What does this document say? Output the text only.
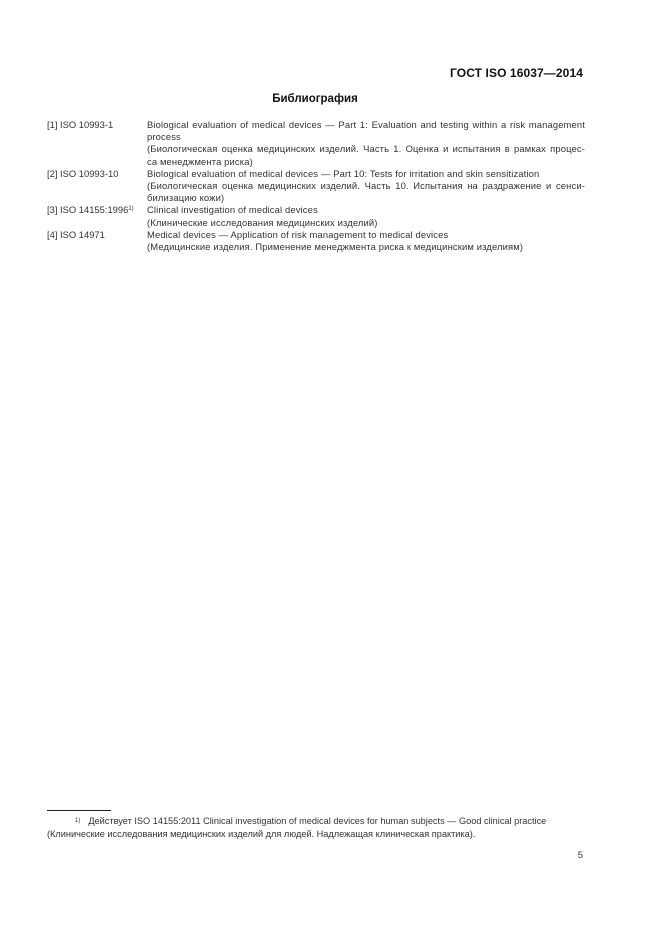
ГОСТ ISO 16037—2014
Библиография
[1] ISO 10993-1	Biological evaluation of medical devices — Part 1: Evaluation and testing within a risk management
process
(Биологическая оценка медицинских изделий. Часть 1. Оценка и испытания в рамках процес-
са менеджмента риска)
[2] ISO 10993-10	Biological evaluation of medical devices — Part 10: Tests for irritation and skin sensitization
(Биологическая оценка медицинских изделий. Часть 10. Испытания на раздражение и сенси-
билизацию кожи)
[3] ISO 14155:1996$^{1)}$	Clinical investigation of medical devices
(Клинические исследования медицинских изделий)
[4] ISO 14971	Medical devices — Application of risk management to medical devices
(Медицинские изделия. Применение менеджмента риска к медицинским изделиям)
$^{1)}$ Действует ISO 14155:2011 Clinical investigation of medical devices for human subjects — Good clinical practice
(Клинические исследования медицинских изделий для людей. Надлежащая клиническая практика).
5
